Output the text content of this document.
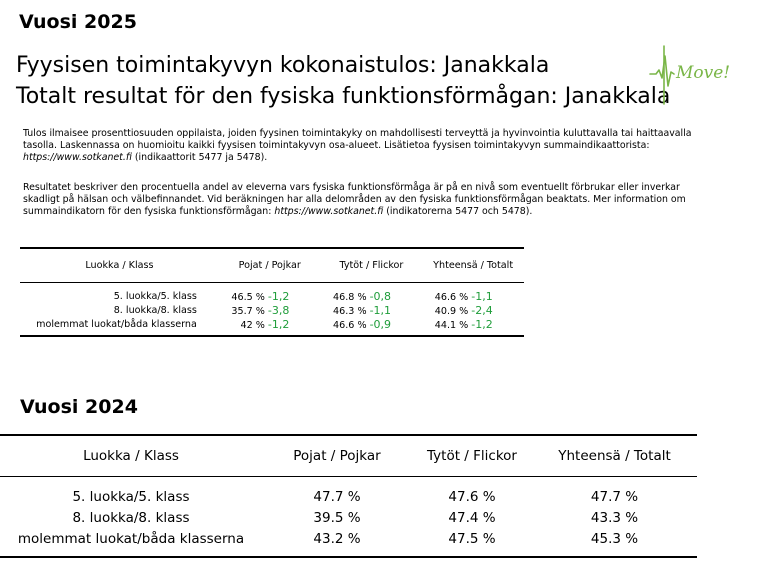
Vuosi 2025
Fyysisen toimintakyvyn kokonaistulos: Janakkala
Totalt resultat för den fysiska funktionsförmågan: Janakkala
Move!
Tulos ilmaisee prosenttiosuuden oppilaista, joiden fyysinen toimintakyky on mahdollisesti terveyttä ja hyvinvointia kuluttavalla tai haittaavalla tasolla. Laskennassa on huomioitu kaikki fyysisen toimintakyvyn osa-alueet. Lisätietoa fyysisen toimintakyvyn summaindikaattorista: https://www.sotkanet.fi (indikaattorit 5477 ja 5478).
Resultatet beskriver den procentuella andel av eleverna vars fysiska funktionsförmåga är på en nivå som eventuellt förbrukar eller inverkar skadligt på hälsan och välbefinnandet. Vid beräkningen har alla delområden av den fysiska funktionsförmågan beaktats. Mer information om summaindikatorn för den fysiska funktionsförmågan: https://www.sotkanet.fi (indikatorerna 5477 och 5478).
Luokka / Klass	Pojat / Pojkar	Tytöt / Flickor	Yhteensä / Totalt
5. luokka/5. klass	46.5 % -1,2	46.8 % -0,8	46.6 % -1,1
8. luokka/8. klass	35.7 % -3,8	46.3 % -1,1	40.9 % -2,4
molemmat luokat/båda klasserna	42 % -1,2	46.6 % -0,9	44.1 % -1,2
Vuosi 2024
Luokka / Klass	Pojat / Pojkar	Tytöt / Flickor	Yhteensä / Totalt
5. luokka/5. klass	47.7 %	47.6 %	47.7 %
8. luokka/8. klass	39.5 %	47.4 %	43.3 %
molemmat luokat/båda klasserna	43.2 %	47.5 %	45.3 %
